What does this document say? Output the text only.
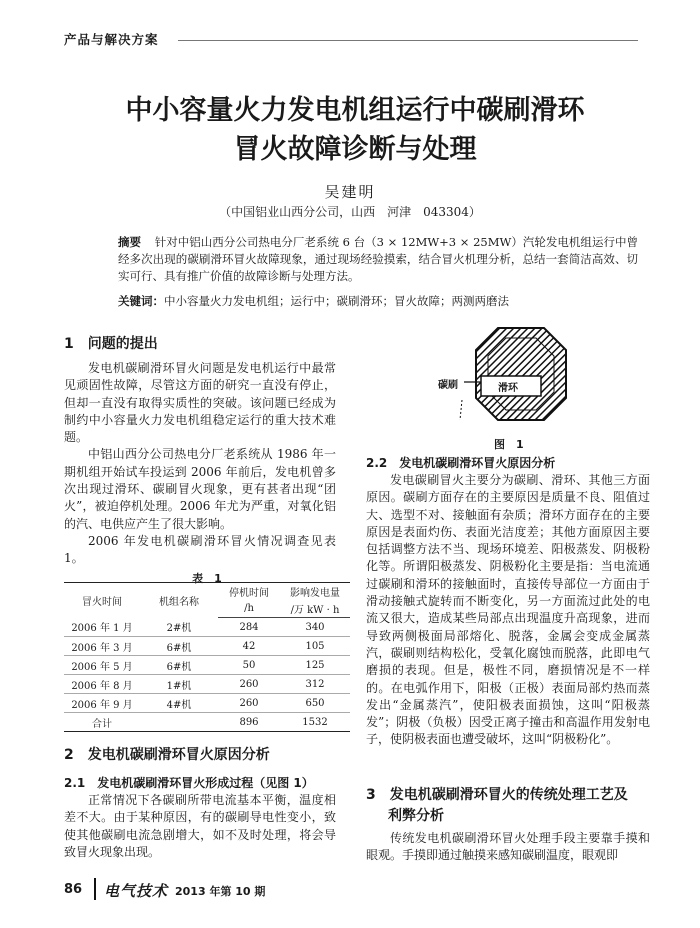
产品与解决方案
中小容量火力发电机组运行中碳刷滑环
冒火故障诊断与处理
吴建明
（中国铝业山西分公司，山西　河津　043304）
摘要 针对中铝山西分公司热电分厂老系统 6 台（3 × 12MW+3 × 25MW）汽轮发电机组运行中曾经多次出现的碳刷滑环冒火故障现象，通过现场经验摸索，结合冒火机理分析，总结一套简洁高效、切实可行、具有推广价值的故障诊断与处理方法。
关键词：中小容量火力发电机组；运行中；碳刷滑环；冒火故障；两测两磨法
1　问题的提出

发电机碳刷滑环冒火问题是发电机运行中最常见顽固性故障，尽管这方面的研究一直没有停止，但却一直没有取得实质性的突破。该问题已经成为制约中小容量火力发电机组稳定运行的重大技术难题。

中铝山西分公司热电分厂老系统从 1986 年一期机组开始试车投运到 2006 年前后，发电机曾多次出现过滑环、碳刷冒火现象，更有甚者出现“团火”，被迫停机处理。2006 年尤为严重，对氧化铝的汽、电供应产生了很大影响。

2006 年发电机碳刷滑环冒火情况调查见表 1。

表　1
冒火时间	机组名称	停机时间	影响发电量
		/h	/万 kW · h
2006 年 1 月	2#机	284	340
2006 年 3 月	6#机	42	105
2006 年 5 月	6#机	50	125
2006 年 8 月	1#机	260	312
2006 年 9 月	4#机	260	650
合计		896	1532
2　发电机碳刷滑环冒火原因分析
2.1　发电机碳刷滑环冒火形成过程（见图 1）

正常情况下各碳刷所带电流基本平衡，温度相差不大。由于某种原因，有的碳刷导电性变小，致使其他碳刷电流急剧增大，如不及时处理，将会导致冒火现象出现。

碳刷	滑环
图　1
2.2　发电机碳刷滑环冒火原因分析

发电碳刷冒火主要分为碳刷、滑环、其他三方面原因。碳刷方面存在的主要原因是质量不良、阻值过大、选型不对、接触面有杂质；滑环方面存在的主要原因是表面灼伤、表面光洁度差；其他方面原因主要包括调整方法不当、现场环境差、阳极蒸发、阴极粉化等。所谓阳极蒸发、阴极粉化主要是指：当电流通过碳刷和滑环的接触面时，直接传导部位一方面由于滑动接触式旋转而不断变化，另一方面流过此处的电流又很大，造成某些局部点出现温度升高现象，进而导致两侧极面局部熔化、脱落，金属会变成金属蒸汽，碳刷则结构松化，受氧化腐蚀而脱落，此即电气磨损的表现。但是，极性不同，磨损情况是不一样的。在电弧作用下，阳极（正极）表面局部灼热而蒸发出“金属蒸汽”，使阳极表面损蚀，这叫“阳极蒸发”；阴极（负极）因受正离子撞击和高温作用发射电子，使阴极表面也遭受破坏，这叫“阴极粉化”。

3　发电机碳刷滑环冒火的传统处理工艺及
利弊分析

传统发电机碳刷滑环冒火处理手段主要靠手摸和眼观。手摸即通过触摸来感知碳刷温度，眼观即

86 电气技术 2013 年第 10 期
